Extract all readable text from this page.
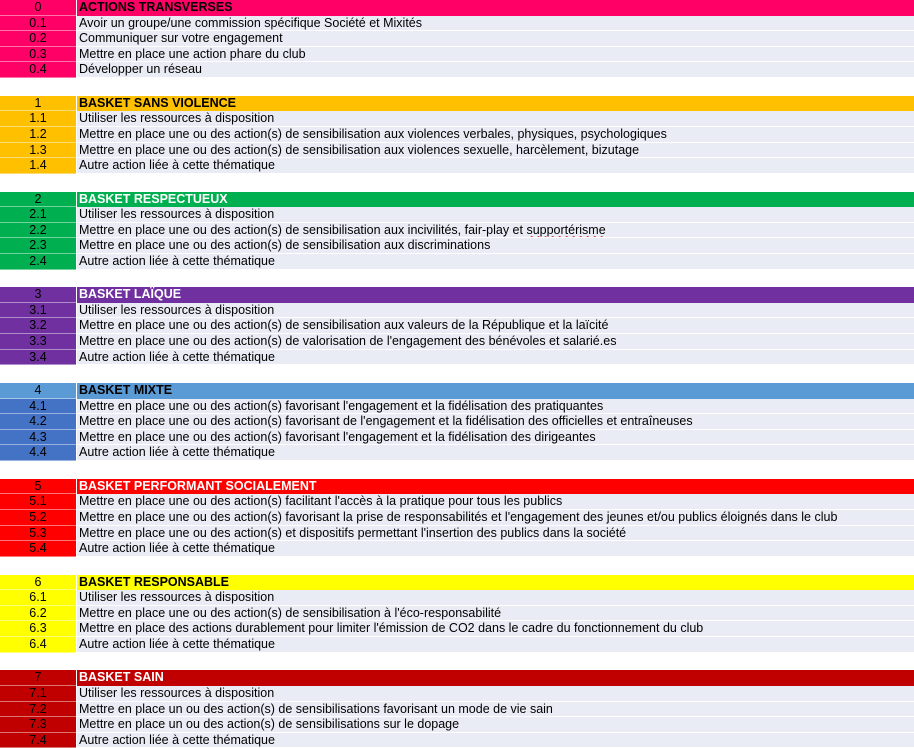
0	ACTIONS TRANSVERSES
0.1	Avoir un groupe/une commission spécifique Société et Mixités
0.2	Communiquer sur votre engagement
0.3	Mettre en place une action phare du club
0.4	Développer un réseau
1	BASKET SANS VIOLENCE
1.1	Utiliser les ressources à disposition
1.2	Mettre en place une ou des action(s) de sensibilisation aux violences verbales, physiques, psychologiques
1.3	Mettre en place une ou des action(s) de sensibilisation aux violences sexuelle, harcèlement, bizutage
1.4	Autre action liée à cette thématique
2	BASKET RESPECTUEUX
2.1	Utiliser les ressources à disposition
2.2	Mettre en place une ou des action(s) de sensibilisation aux incivilités, fair-play et supportérisme
2.3	Mettre en place une ou des action(s) de sensibilisation aux discriminations
2.4	Autre action liée à cette thématique
3	BASKET LAÏQUE
3.1	Utiliser les ressources à disposition
3.2	Mettre en place une ou des action(s) de sensibilisation aux valeurs de la République et la laïcité
3.3	Mettre en place une ou des action(s) de valorisation de l'engagement des bénévoles et salarié.es
3.4	Autre action liée à cette thématique
4	BASKET MIXTE
4.1	Mettre en place une ou des action(s) favorisant l'engagement et la fidélisation des pratiquantes
4.2	Mettre en place une ou des action(s) favorisant de l'engagement et la fidélisation des officielles et entraîneuses
4.3	Mettre en place une ou des action(s) favorisant l'engagement et la fidélisation des dirigeantes
4.4	Autre action liée à cette thématique
5	BASKET PERFORMANT SOCIALEMENT
5.1	Mettre en place une ou des action(s) facilitant l'accès à la pratique pour tous les publics
5.2	Mettre en place une ou des action(s) favorisant la prise de responsabilités et l'engagement des jeunes et/ou publics éloignés dans le club
5.3	Mettre en place une ou des action(s) et dispositifs permettant l'insertion des publics dans la société
5.4	Autre action liée à cette thématique
6	BASKET RESPONSABLE
6.1	Utiliser les ressources à disposition
6.2	Mettre en place une ou des action(s) de sensibilisation à l'éco-responsabilité
6.3	Mettre en place des actions durablement pour limiter l'émission de CO2 dans le cadre du fonctionnement du club
6.4	Autre action liée à cette thématique
7	BASKET SAIN
7.1	Utiliser les ressources à disposition
7.2	Mettre en place un ou des action(s) de sensibilisations favorisant un mode de vie sain
7.3	Mettre en place un ou des action(s) de sensibilisations sur le dopage
7.4	Autre action liée à cette thématique
